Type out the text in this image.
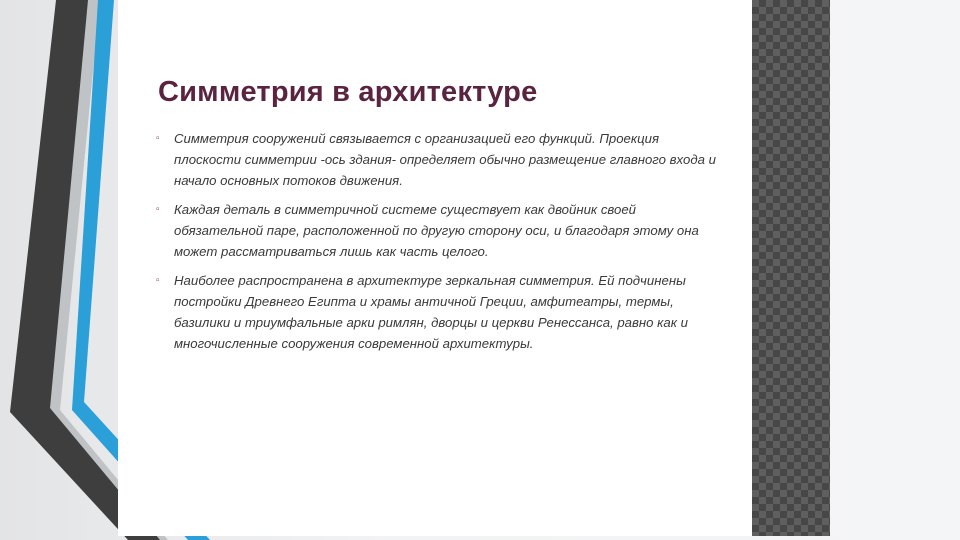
Симметрия в архитектуре
▫ Симметрия сооружений связывается с организацией его функций. Проекция плоскости симметрии -ось здания- определяет обычно размещение главного входа и начало основных потоков движения.
▫ Каждая деталь в симметричной системе существует как двойник своей обязательной паре, расположенной по другую сторону оси, и благодаря этому она может рассматриваться лишь как часть целого.
▫ Наиболее распространена в архитектуре зеркальная симметрия. Ей подчинены постройки Древнего Египта и храмы античной Греции, амфитеатры, термы, базилики и триумфальные арки римлян, дворцы и церкви Ренессанса, равно как и многочисленные сооружения современной архитектуры.
